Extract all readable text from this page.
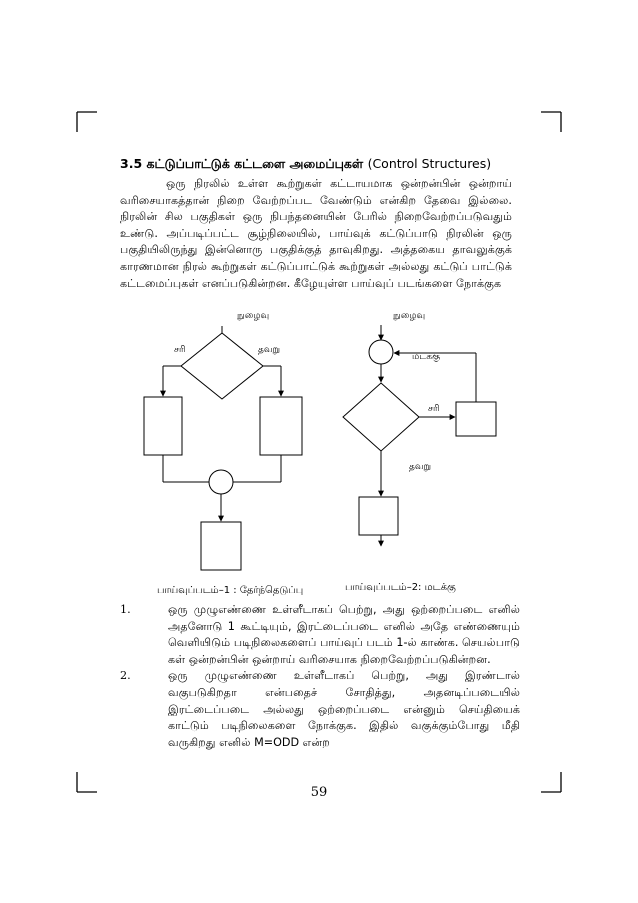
3.5 கட்டுப்பாட்டுக் கட்டளை அமைப்புகள் (Control Structures)
ஒரு நிரலில் உள்ள கூற்றுகள் கட்டாயமாக ஒன்றன்பின் ஒன்றாய் வரிசையாகத்தான் நிறை வேற்றப்பட வேண்டும் என்கிற தேவை இல்லை. நிரலின் சில பகுதிகள் ஒரு நிபந்தனையின் பேரில் நிறைவேற்றப்படுவதும் உண்டு. அப்படிப்பட்ட சூழ்நிலையில், பாய்வுக் கட்டுப்பாடு நிரலின் ஒரு பகுதியிலிருந்து இன்னொரு பகுதிக்குத் தாவுகிறது. அத்தகைய தாவலுக்குக் காரணமான நிரல் கூற்றுகள் கட்டுப்பாட்டுக் கூற்றுகள் அல்லது கட்டுப் பாட்டுக் கட்டமைப்புகள் எனப்படுகின்றன. கீழேயுள்ள பாய்வுப் படங்களை நோக்குக
நுழைவு
சரி	தவறு
பாய்வுப்படம்–1 : தேர்ந்தெடுப்பு
நுழைவு
மடக்கு
சரி
தவறு
பாய்வுப்படம்–2: மடக்கு
1.	ஒரு முழுஎண்ணை உள்ளீடாகப் பெற்று, அது ஒற்றைப்படை எனில் அதனோடு 1 கூட்டியும், இரட்டைப்படை எனில் அதே எண்ணையும் வெளியிடும் படிநிலைகளைப் பாய்வுப் படம் 1-ல் காண்க. செயல்பாடு கள் ஒன்றன்பின் ஒன்றாய் வரிசையாக நிறைவேற்றப்படுகின்றன.
2.	ஒரு முழுஎண்ணை உள்ளீடாகப் பெற்று, அது இரண்டால் வகுபடுகிறதா என்பதைச் சோதித்து, அதனடிப்படையில் இரட்டைப்படை அல்லது ஒற்றைப்படை என்னும் செய்தியைக் காட்டும் படிநிலைகளை நோக்குக. இதில் வகுக்கும்போது மீதி வருகிறது எனில் M=ODD என்ற
59
